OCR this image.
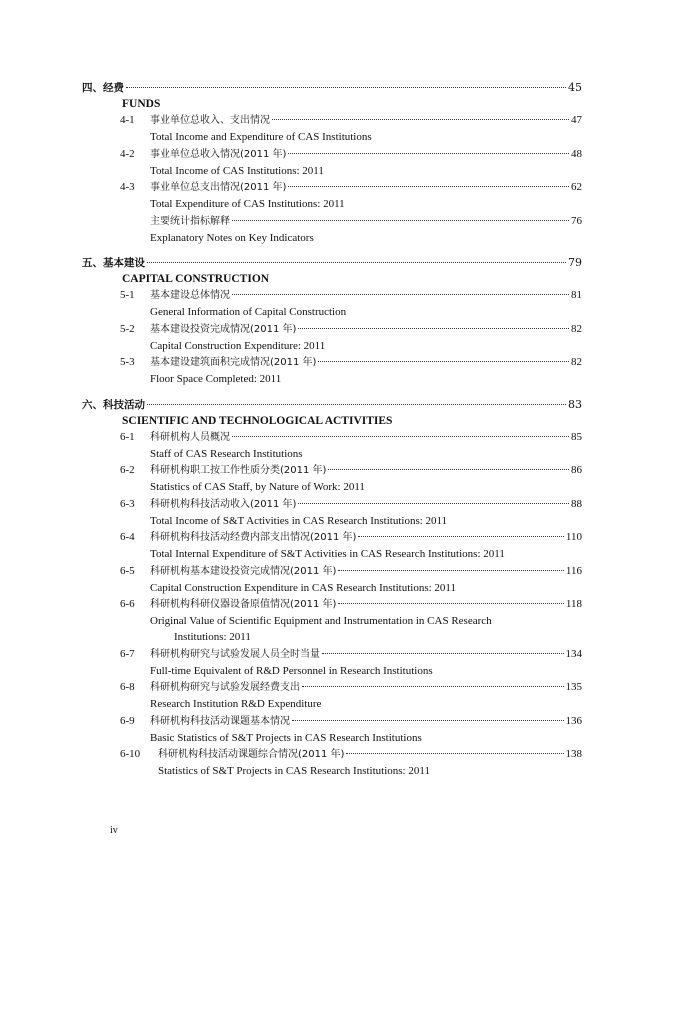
四、经费	45
FUNDS
4-1 事业单位总收入、支出情况	47
Total Income and Expenditure of CAS Institutions
4-2 事业单位总收入情况(2011 年)	48
Total Income of CAS Institutions: 2011
4-3 事业单位总支出情况(2011 年)	62
Total Expenditure of CAS Institutions: 2011
主要统计指标解释	76
Explanatory Notes on Key Indicators
五、基本建设	79
CAPITAL CONSTRUCTION
5-1 基本建设总体情况	81
General Information of Capital Construction
5-2 基本建设投资完成情况(2011 年)	82
Capital Construction Expenditure: 2011
5-3 基本建设建筑面积完成情况(2011 年)	82
Floor Space Completed: 2011
六、科技活动	83
SCIENTIFIC AND TECHNOLOGICAL ACTIVITIES
6-1 科研机构人员概况	85
Staff of CAS Research Institutions
6-2 科研机构职工按工作性质分类(2011 年)	86
Statistics of CAS Staff, by Nature of Work: 2011
6-3 科研机构科技活动收入(2011 年)	88
Total Income of S&T Activities in CAS Research Institutions: 2011
6-4 科研机构科技活动经费内部支出情况(2011 年)	110
Total Internal Expenditure of S&T Activities in CAS Research Institutions: 2011
6-5 科研机构基本建设投资完成情况(2011 年)	116
Capital Construction Expenditure in CAS Research Institutions: 2011
6-6 科研机构科研仪器设备原值情况(2011 年)	118
Original Value of Scientific Equipment and Instrumentation in CAS Research
Institutions: 2011
6-7 科研机构研究与试验发展人员全时当量	134
Full-time Equivalent of R&D Personnel in Research Institutions
6-8 科研机构研究与试验发展经费支出	135
Research Institution R&D Expenditure
6-9 科研机构科技活动课题基本情况	136
Basic Statistics of S&T Projects in CAS Research Institutions
6-10 科研机构科技活动课题综合情况(2011 年)	138
Statistics of S&T Projects in CAS Research Institutions: 2011
iv
